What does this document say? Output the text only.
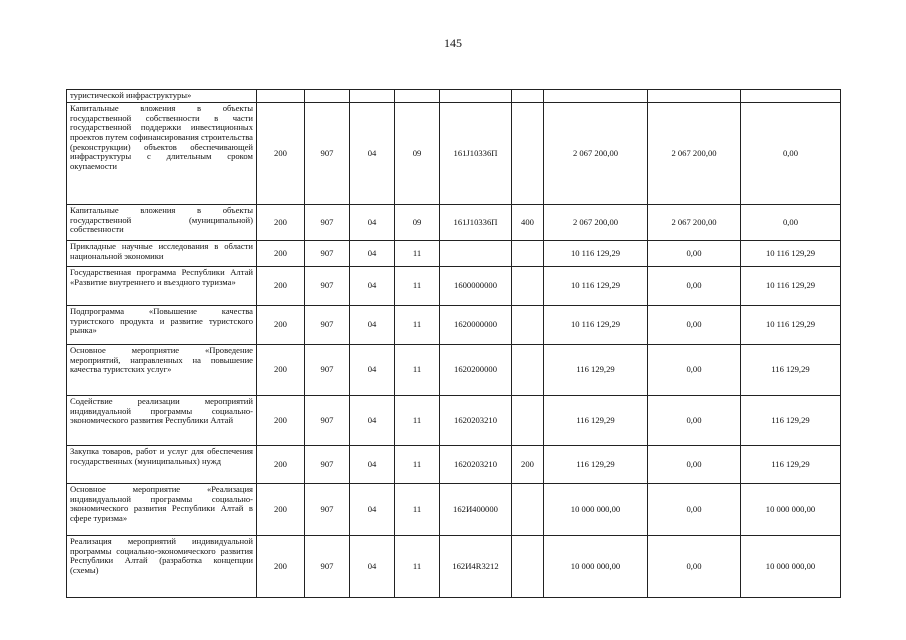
145
туристической инфраструктуры»									
Капитальные вложения в объекты государственной собственности в части государственной поддержки инвестиционных проектов путем софинансирования строительства (реконструкции) объектов обеспечивающей инфраструктуры с длительным сроком окупаемости	200	907	04	09	161J10336П		2 067 200,00	2 067 200,00	0,00
Капитальные вложения в объекты государственной (муниципальной) собственности	200	907	04	09	161J10336П	400	2 067 200,00	2 067 200,00	0,00
Прикладные научные исследования в области национальной экономики	200	907	04	11			10 116 129,29	0,00	10 116 129,29
Государственная программа Республики Алтай «Развитие внутреннего и въездного туризма»	200	907	04	11	1600000000		10 116 129,29	0,00	10 116 129,29
Подпрограмма «Повышение качества туристского продукта и развитие туристского рынка»	200	907	04	11	1620000000		10 116 129,29	0,00	10 116 129,29
Основное мероприятие «Проведение мероприятий, направленных на повышение качества туристских услуг»	200	907	04	11	1620200000		116 129,29	0,00	116 129,29
Содействие реализации мероприятий индивидуальной программы социально-экономического развития Республики Алтай	200	907	04	11	1620203210		116 129,29	0,00	116 129,29
Закупка товаров, работ и услуг для обеспечения государственных (муниципальных) нужд	200	907	04	11	1620203210	200	116 129,29	0,00	116 129,29
Основное мероприятие «Реализация индивидуальной программы социально-экономического развития Республики Алтай в сфере туризма»	200	907	04	11	162И400000		10 000 000,00	0,00	10 000 000,00
Реализация мероприятий индивидуальной программы социально-экономического развития Республики Алтай (разработка концепции (схемы)	200	907	04	11	162И4R3212		10 000 000,00	0,00	10 000 000,00
